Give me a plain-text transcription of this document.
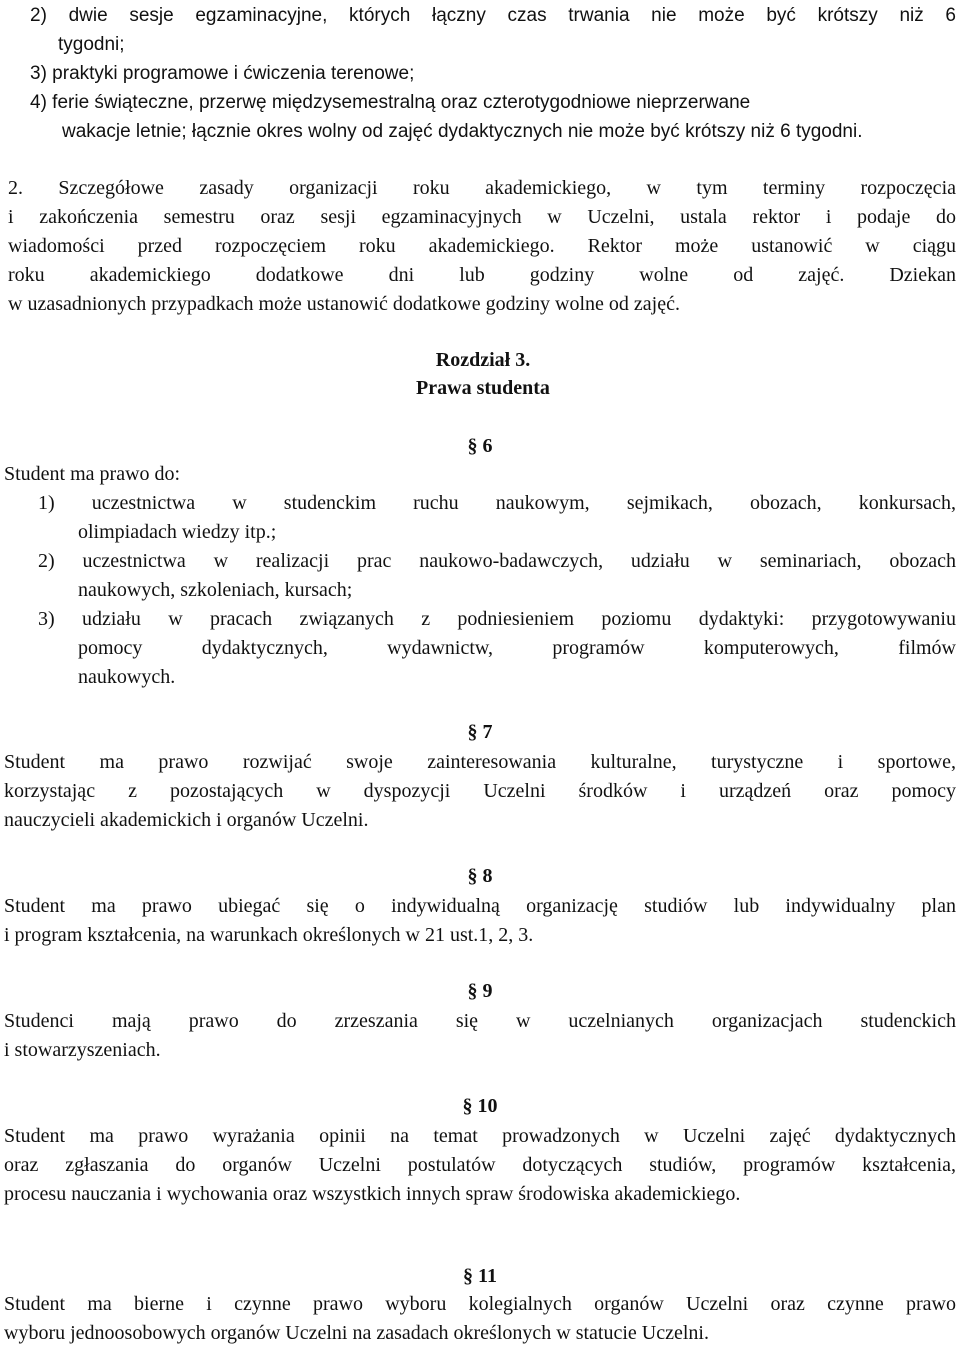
2) dwie sesje egzaminacyjne, których łączny czas trwania nie może być krótszy niż 6
tygodni;
3) praktyki programowe i ćwiczenia terenowe;
4) ferie świąteczne, przerwę międzysemestralną oraz czterotygodniowe nieprzerwane
wakacje letnie; łącznie okres wolny od zajęć dydaktycznych nie może być krótszy niż 6 tygodni.
2. Szczegółowe zasady organizacji roku akademickiego, w tym terminy rozpoczęcia
i zakończenia semestru oraz sesji egzaminacyjnych w Uczelni, ustala rektor i podaje do
wiadomości przed rozpoczęciem roku akademickiego. Rektor może ustanowić w ciągu
roku akademickiego dodatkowe dni lub godziny wolne od zajęć. Dziekan
w uzasadnionych przypadkach może ustanowić dodatkowe godziny wolne od zajęć.
Rozdział 3.
Prawa studenta
§ 6
Student ma prawo do:
1) uczestnictwa w studenckim ruchu naukowym, sejmikach, obozach, konkursach,
olimpiadach wiedzy itp.;
2) uczestnictwa w realizacji prac naukowo-badawczych, udziału w seminariach, obozach
naukowych, szkoleniach, kursach;
3) udziału w pracach związanych z podniesieniem poziomu dydaktyki: przygotowywaniu
pomocy dydaktycznych, wydawnictw, programów komputerowych, filmów
naukowych.
§ 7
Student ma prawo rozwijać swoje zainteresowania kulturalne, turystyczne i sportowe,
korzystając z pozostających w dyspozycji Uczelni środków i urządzeń oraz pomocy
nauczycieli akademickich i organów Uczelni.
§ 8
Student ma prawo ubiegać się o indywidualną organizację studiów lub indywidualny plan
i program kształcenia, na warunkach określonych w 21 ust.1, 2, 3.
§ 9
Studenci mają prawo do zrzeszania się w uczelnianych organizacjach studenckich
i stowarzyszeniach.
§ 10
Student ma prawo wyrażania opinii na temat prowadzonych w Uczelni zajęć dydaktycznych
oraz zgłaszania do organów Uczelni postulatów dotyczących studiów, programów kształcenia,
procesu nauczania i wychowania oraz wszystkich innych spraw środowiska akademickiego.
§ 11
Student ma bierne i czynne prawo wyboru kolegialnych organów Uczelni oraz czynne prawo
wyboru jednoosobowych organów Uczelni na zasadach określonych w statucie Uczelni.
